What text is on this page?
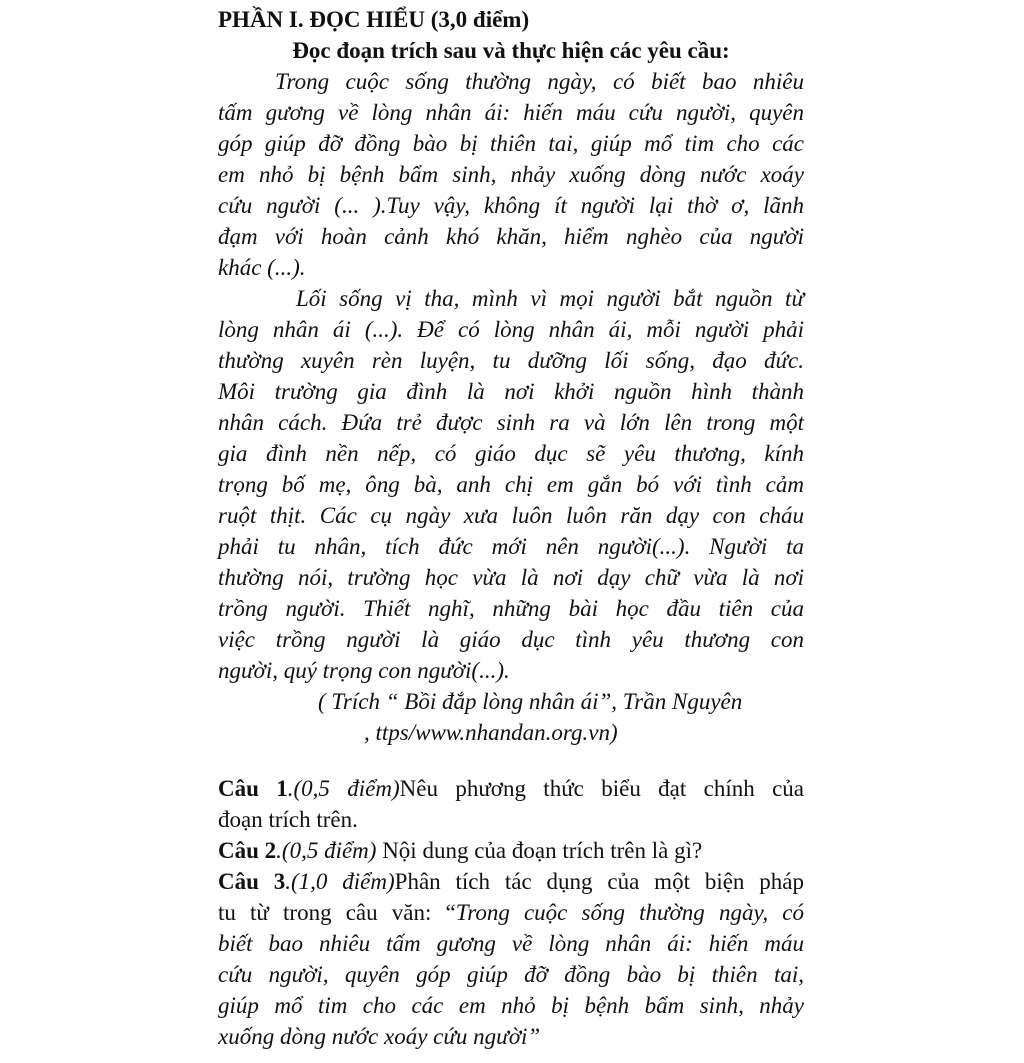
PHẦN I. ĐỌC HIỂU (3,0 điểm)
Đọc đoạn trích sau và thực hiện các yêu cầu:
Trong cuộc sống thường ngày, có biết bao nhiêu
tấm gương về lòng nhân ái: hiến máu cứu người, quyên
góp giúp đỡ đồng bào bị thiên tai, giúp mổ tim cho các
em nhỏ bị bệnh bẩm sinh, nhảy xuống dòng nước xoáy
cứu người (... ).Tuy vậy, không ít người lại thờ ơ, lãnh
đạm với hoàn cảnh khó khăn, hiểm nghèo của người
khác (...).
Lối sống vị tha, mình vì mọi người bắt nguồn từ
lòng nhân ái (...). Để có lòng nhân ái, mỗi người phải
thường xuyên rèn luyện, tu dưỡng lối sống, đạo đức.
Môi trường gia đình là nơi khởi nguồn hình thành
nhân cách. Đứa trẻ được sinh ra và lớn lên trong một
gia đình nền nếp, có giáo dục sẽ yêu thương, kính
trọng bố mẹ, ông bà, anh chị em gắn bó với tình cảm
ruột thịt. Các cụ ngày xưa luôn luôn răn dạy con cháu
phải tu nhân, tích đức mới nên người(...). Người ta
thường nói, trường học vừa là nơi dạy chữ vừa là nơi
trồng người. Thiết nghĩ, những bài học đầu tiên của
việc trồng người là giáo dục tình yêu thương con
người, quý trọng con người(...).
( Trích “ Bồi đắp lòng nhân ái”, Trần Nguyên
, ttps/www.nhandan.org.vn)
Câu 1.(0,5 điểm)Nêu phương thức biểu đạt chính của
đoạn trích trên.
Câu 2.(0,5 điểm) Nội dung của đoạn trích trên là gì?
Câu 3.(1,0 điểm)Phân tích tác dụng của một biện pháp
tu từ trong câu văn: “Trong cuộc sống thường ngày, có
biết bao nhiêu tấm gương về lòng nhân ái: hiến máu
cứu người, quyên góp giúp đỡ đồng bào bị thiên tai,
giúp mổ tim cho các em nhỏ bị bệnh bẩm sinh, nhảy
xuống dòng nước xoáy cứu người”
